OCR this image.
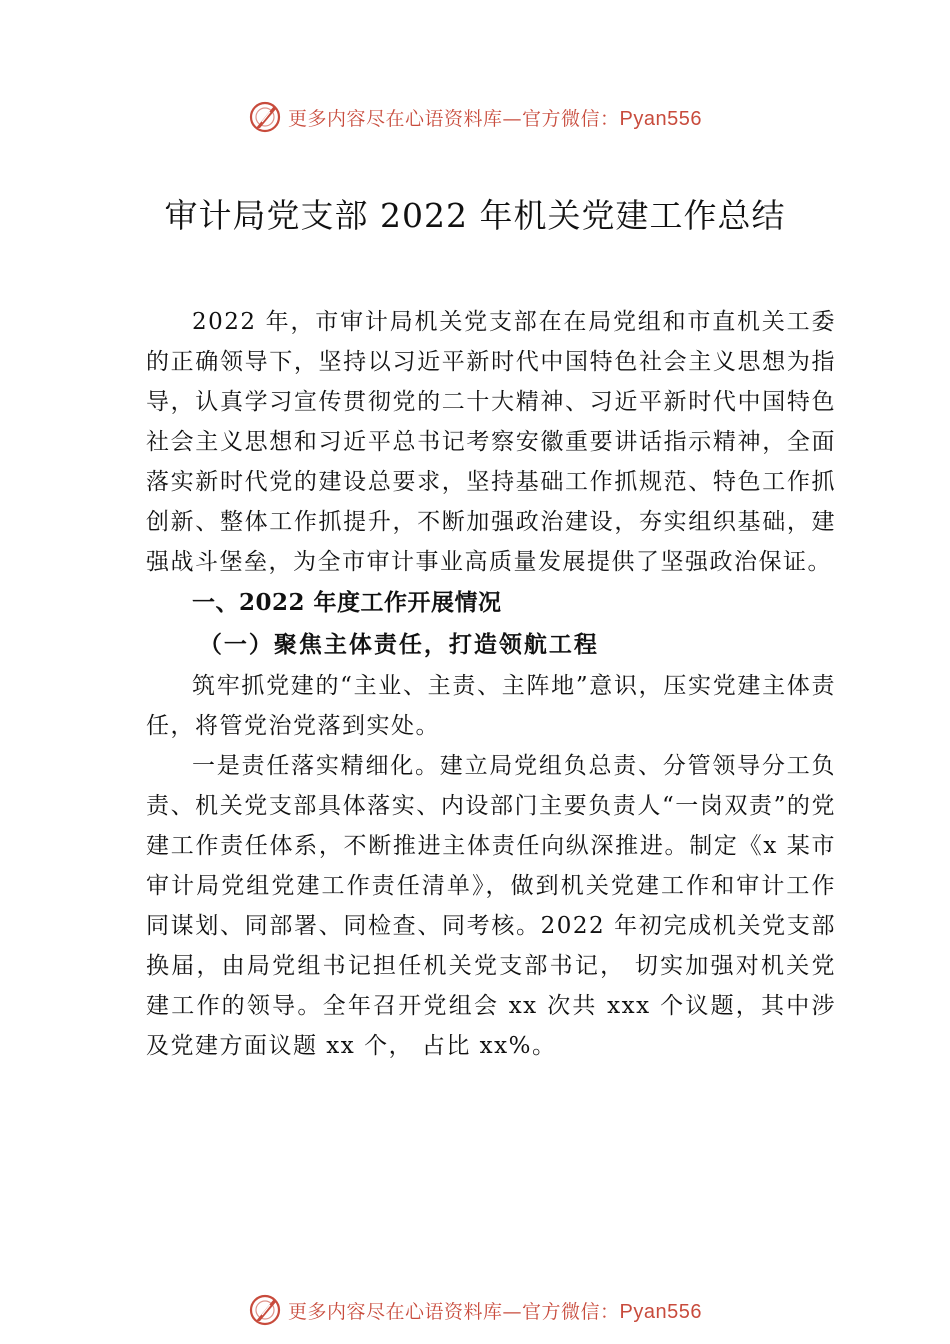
更多内容尽在心语资料库—官方微信：Pyan556
审计局党支部 2022 年机关党建工作总结

2022 年，市审计局机关党支部在在局党组和市直机关工委的正确领导下，坚持以习近平新时代中国特色社会主义思想为指导，认真学习宣传贯彻党的二十大精神、习近平新时代中国特色社会主义思想和习近平总书记考察安徽重要讲话指示精神，全面落实新时代党的建设总要求，坚持基础工作抓规范、特色工作抓创新、整体工作抓提升，不断加强政治建设，夯实组织基础，建强战斗堡垒，为全市审计事业高质量发展提供了坚强政治保证。

一、2022 年度工作开展情况
（一）聚焦主体责任，打造领航工程

筑牢抓党建的“主业、主责、主阵地”意识，压实党建主体责任，将管党治党落到实处。

一是责任落实精细化。建立局党组负总责、分管领导分工负责、机关党支部具体落实、内设部门主要负责人“一岗双责”的党建工作责任体系，不断推进主体责任向纵深推进。制定《x 某市审计局党组党建工作责任清单》，做到机关党建工作和审计工作同谋划、同部署、同检查、同考核。2022 年初完成机关党支部换届，由局党组书记担任机关党支部书记， 切实加强对机关党建工作的领导。全年召开党组会 xx 次共 xxx 个议题，其中涉及党建方面议题 xx 个， 占比 xx%。

更多内容尽在心语资料库—官方微信：Pyan556
